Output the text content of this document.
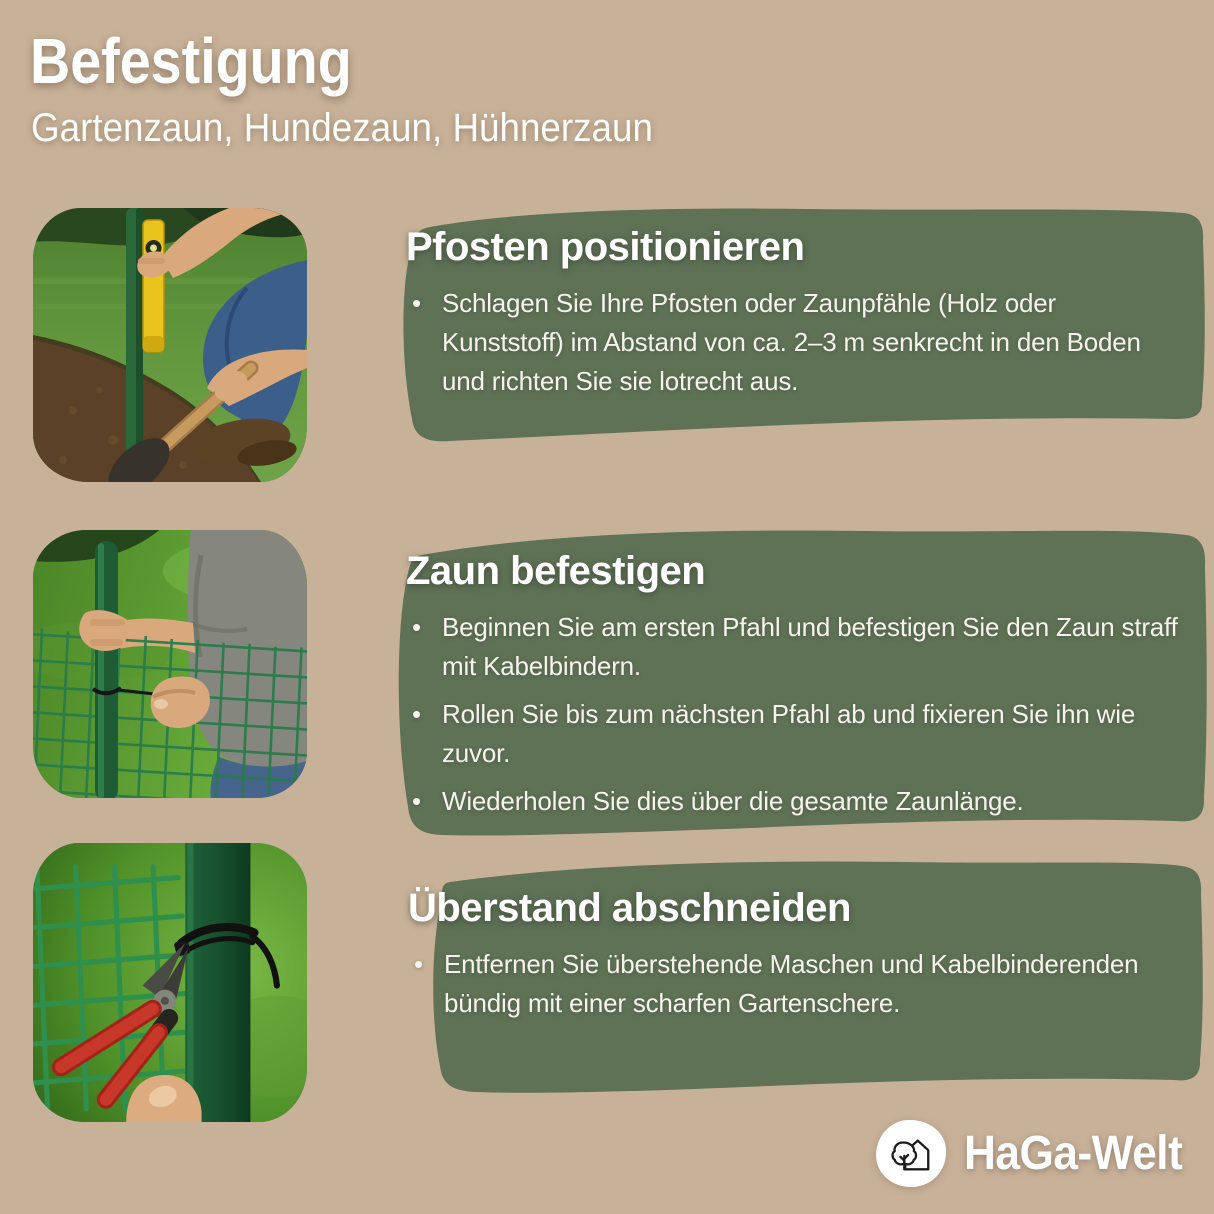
Befestigung
Gartenzaun, Hundezaun, Hühnerzaun
Pfosten positionieren
• Schlagen Sie Ihre Pfosten oder Zaunpfähle (Holz oder Kunststoff) im Abstand von ca. 2–3 m senkrecht in den Boden und richten Sie sie lotrecht aus.
Zaun befestigen
• Beginnen Sie am ersten Pfahl und befestigen Sie den Zaun straff mit Kabelbindern.
• Rollen Sie bis zum nächsten Pfahl ab und fixieren Sie ihn wie zuvor.
• Wiederholen Sie dies über die gesamte Zaunlänge.
Überstand abschneiden
• Entfernen Sie überstehende Maschen und Kabelbinderenden bündig mit einer scharfen Gartenschere.
HaGa-Welt
